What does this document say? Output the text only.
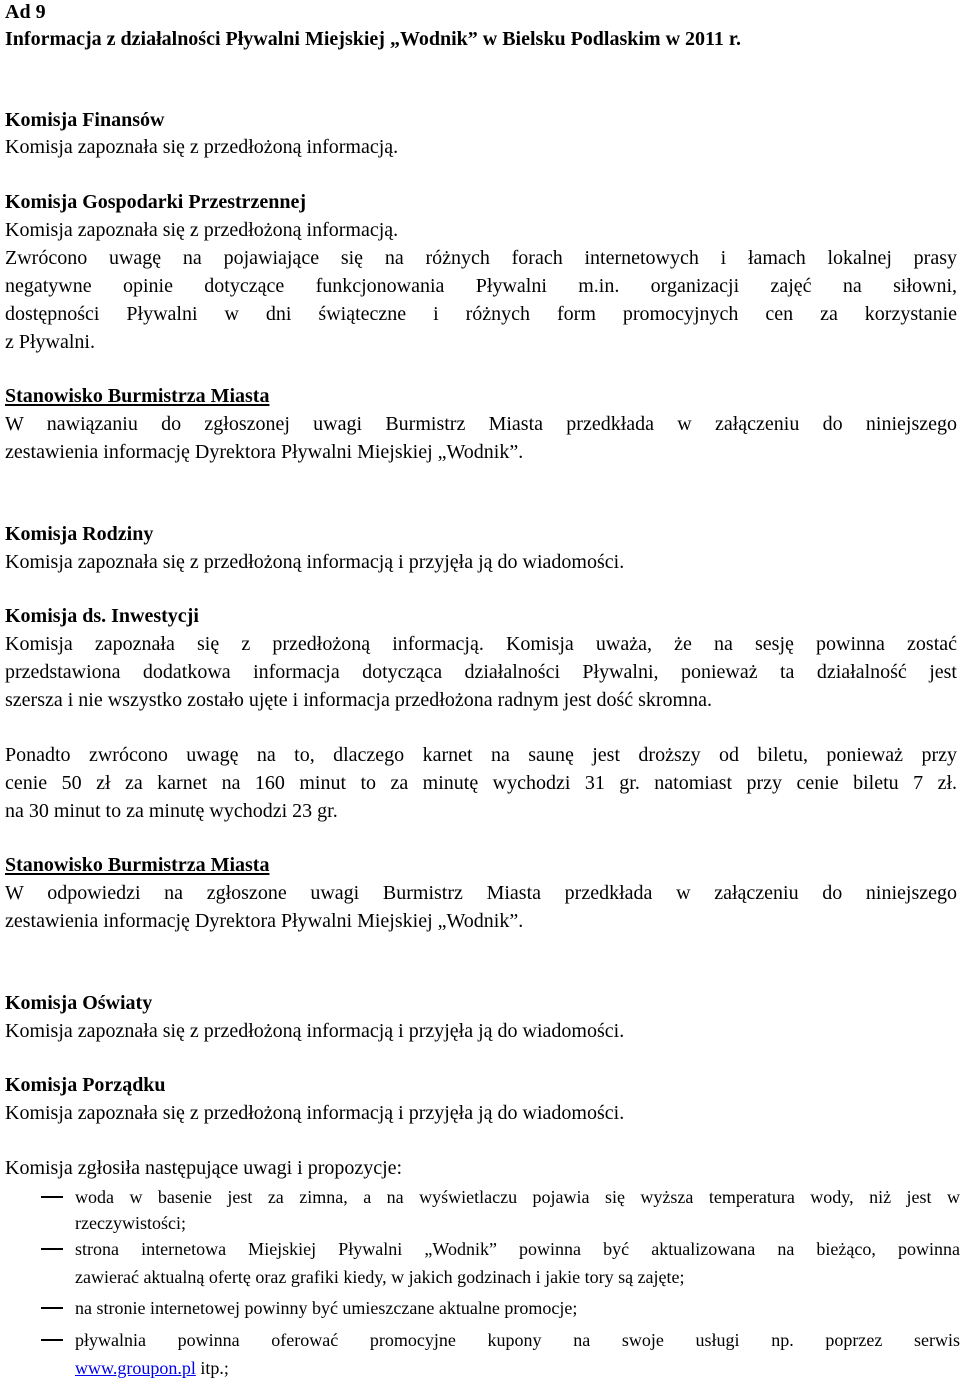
Ad 9
Informacja z działalności Pływalni Miejskiej „Wodnik” w Bielsku Podlaskim w 2011 r.
Komisja Finansów
Komisja zapoznała się z przedłożoną informacją.
Komisja Gospodarki Przestrzennej
Komisja zapoznała się z przedłożoną informacją.
Zwrócono uwagę na pojawiające się na różnych forach internetowych i łamach lokalnej prasy
negatywne opinie dotyczące funkcjonowania Pływalni m.in. organizacji zajęć na siłowni,
dostępności Pływalni w dni świąteczne i różnych form promocyjnych cen za korzystanie
z Pływalni.
Stanowisko Burmistrza Miasta
W nawiązaniu do zgłoszonej uwagi Burmistrz Miasta przedkłada w załączeniu do niniejszego
zestawienia informację Dyrektora Pływalni Miejskiej „Wodnik”.
Komisja Rodziny
Komisja zapoznała się z przedłożoną informacją i przyjęła ją do wiadomości.
Komisja ds. Inwestycji
Komisja zapoznała się z przedłożoną informacją. Komisja uważa, że na sesję powinna zostać
przedstawiona dodatkowa informacja dotycząca działalności Pływalni, ponieważ ta działalność jest
szersza i nie wszystko zostało ujęte i informacja przedłożona radnym jest dość skromna.
Ponadto zwrócono uwagę na to, dlaczego karnet na saunę jest droższy od biletu, ponieważ przy
cenie 50 zł za karnet na 160 minut to za minutę wychodzi 31 gr. natomiast przy cenie biletu 7 zł.
na 30 minut to za minutę wychodzi 23 gr.
Stanowisko Burmistrza Miasta
W odpowiedzi na zgłoszone uwagi Burmistrz Miasta przedkłada w załączeniu do niniejszego
zestawienia informację Dyrektora Pływalni Miejskiej „Wodnik”.
Komisja Oświaty
Komisja zapoznała się z przedłożoną informacją i przyjęła ją do wiadomości.
Komisja Porządku
Komisja zapoznała się z przedłożoną informacją i przyjęła ją do wiadomości.
Komisja zgłosiła następujące uwagi i propozycje:
woda w basenie jest za zimna, a na wyświetlaczu pojawia się wyższa temperatura wody, niż jest w
rzeczywistości;
strona internetowa Miejskiej Pływalni „Wodnik” powinna być aktualizowana na bieżąco, powinna
zawierać aktualną ofertę oraz grafiki kiedy, w jakich godzinach i jakie tory są zajęte;
na stronie internetowej powinny być umieszczane aktualne promocje;
pływalnia powinna oferować promocyjne kupony na swoje usługi np. poprzez serwis
www.groupon.pl itp.;
